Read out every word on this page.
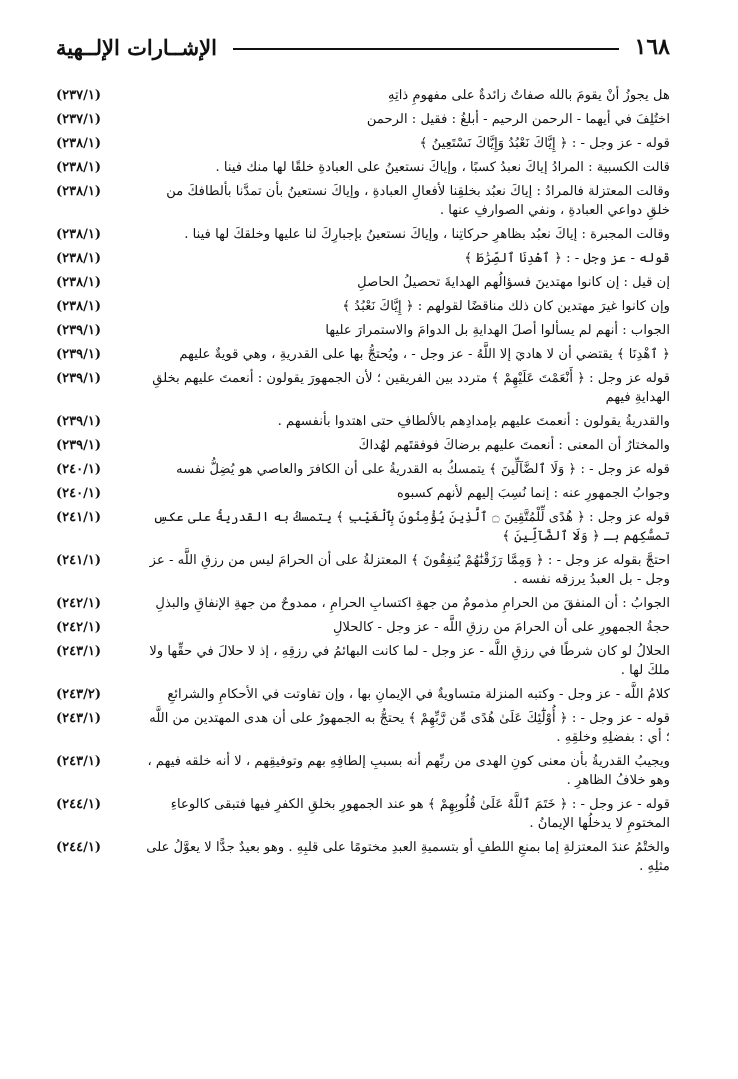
١٦٨
الإشــارات الإلــهية
هل يجوزُ أنْ يقومَ بالله صفاتٌ زائدةٌ على مفهومِ ذاتِهِ
(٢٣٧/١)
اختُلِفَ في أيهما - الرحمن الرحيم - أبلغُ : فقيل : الرحمن
(٢٣٧/١)
قوله - عز وجل - : ﴿ إِيَّاكَ نَعْبُدُ وَإِيَّاكَ نَسْتَعِينُ ﴾
(٢٣٨/١)
قالت الكسبية : المرادُ إياكَ نعبدُ كسبًا ، وإياكَ نستعينُ على العبادةِ خلقًا لها منك فينا .
(٢٣٨/١)
وقالت المعتزلة فالمرادُ : إياكَ نعبُد بخلقِنا لأفعالِ العبادةِ ، وإياكَ نستعينُ بأن تمدَّنا بألطافكَ من خلقِ دواعي العبادةِ ، ونفي الصوارفِ عنها .
(٢٣٨/١)
وقالت المجبرة : إياكَ نعبُد بظاهرِ حركاتِنا ، وإياكَ نستعينُ بإجبارِكَ لنا عليها وخلقكَ لها فينا .
(٢٣٨/١)
قوله - عز وجل - : ﴿ ٱهْدِنَا ٱلصِّرَٰطَ ﴾
(٢٣٨/١)
إن قيل : إن كانوا مهتدينَ فسؤالُهم الهدايةَ تحصيلُ الحاصلِ
(٢٣٨/١)
وإن كانوا غيرَ مهتدين كان ذلك مناقضًا لقولهم : ﴿ إِيَّاكَ نَعْبُدُ ﴾
(٢٣٨/١)
الجواب : أنهم لم يسألوا أصلَ الهدايةِ بل الدوامَ والاستمرارَ عليها
(٢٣٩/١)
﴿ ٱهْدِنَا ﴾ يقتضي أن لا هاديَ إلا اللَّهُ - عز وجل - ، ويُحتجُّ بها على القدريةِ ، وهي قويةٌ عليهم
(٢٣٩/١)
قوله عز وجل : ﴿ أَنْعَمْتَ عَلَيْهِمْ ﴾ متردد بين الفريقين ؛ لأن الجمهورَ يقولون : أنعمتَ عليهم بخلقِ الهدايةِ فيهم
(٢٣٩/١)
والقدريةُ يقولون : أنعمتَ عليهم بإمدادِهم بالألطافِ حتى اهتدوا بأنفسهم .
(٢٣٩/١)
والمختارُ أن المعنى : أنعمتَ عليهم برضاكَ فوفقتَهم لهُداكَ
(٢٣٩/١)
قوله عز وجل - : ﴿ وَلَا ٱلضَّآلِّينَ ﴾ يتمسكُ به القدريةُ على أن الكافرَ والعاصي هو يُضِلُّ نفسه
(٢٤٠/١)
وجوابُ الجمهورِ عنه : إنما نُسِبَ إليهم لأنهم كسبوه
(٢٤٠/١)
قوله عز وجل : ﴿ هُدًى لِّلْمُتَّقِينَ ۝ ٱلَّذِينَ يُؤْمِنُونَ بِٱلْغَيْبِ ﴾ يتمسكُ به القدريةُ على عكسِ تمسُّكِهم بـ ﴿ وَلَا ٱلضَّآلِّينَ ﴾
(٢٤١/١)
احتجَّ بقوله عز وجل - : ﴿ وَمِمَّا رَزَقْنَٰهُمْ يُنفِقُونَ ﴾ المعتزلةُ على أن الحرامَ ليس من رزقِ اللَّه - عز وجل - بل العبدُ يرزقه نفسه .
(٢٤١/١)
الجوابُ : أن المنفقَ من الحرامِ مذمومٌ من جهةِ اكتسابِ الحرامِ ، ممدوحٌ من جهةِ الإنفاقِ والبذلِ
(٢٤٢/١)
حجةُ الجمهورِ على أن الحرامَ من رزقِ اللَّه - عز وجل - كالحلالِ
(٢٤٢/١)
الحلالُ لو كان شرطًا في رزقِ اللَّه - عز وجل - لما كانت البهائمُ في رزقِهِ ، إذ لا حلالَ في حقِّها ولا ملكَ لها .
(٢٤٣/١)
كلامُ اللَّه - عز وجل - وكتبه المنزلة متساويةٌ في الإيمانِ بها ، وإن تفاوتت في الأحكامِ والشرائعِ
(٢٤٣/٢)
قوله - عز وجل - : ﴿ أُوْلَٰٓئِكَ عَلَىٰ هُدًى مِّن رَّبِّهِمْ ﴾ يحتجُّ به الجمهورُ على أن هدى المهتدين من اللَّه ؛ أي : بفضلِهِ وخلقِهِ .
(٢٤٣/١)
ويجيبُ القدريةُ بأن معنى كونِ الهدى من ربِّهم أنه بسببِ إلطافِهِ بهم وتوفيقِهم ، لا أنه خلقه فيهم ، وهو خلافُ الظاهرِ .
(٢٤٣/١)
قوله - عز وجل - : ﴿ خَتَمَ ٱللَّهُ عَلَىٰ قُلُوبِهِمْ ﴾ هو عند الجمهورِ بخلقِ الكفرِ فيها فتبقى كالوعاءِ المختومِ لا يدخلُها الإيمانُ .
(٢٤٤/١)
والختْمُ عندَ المعتزلةِ إما بمنعِ اللطفِ أو بتسميةِ العبدِ مختومًا على قلبِهِ . وهو بعيدٌ جدًّا لا يعوَّلُ على مثلِهِ .
(٢٤٤/١)
